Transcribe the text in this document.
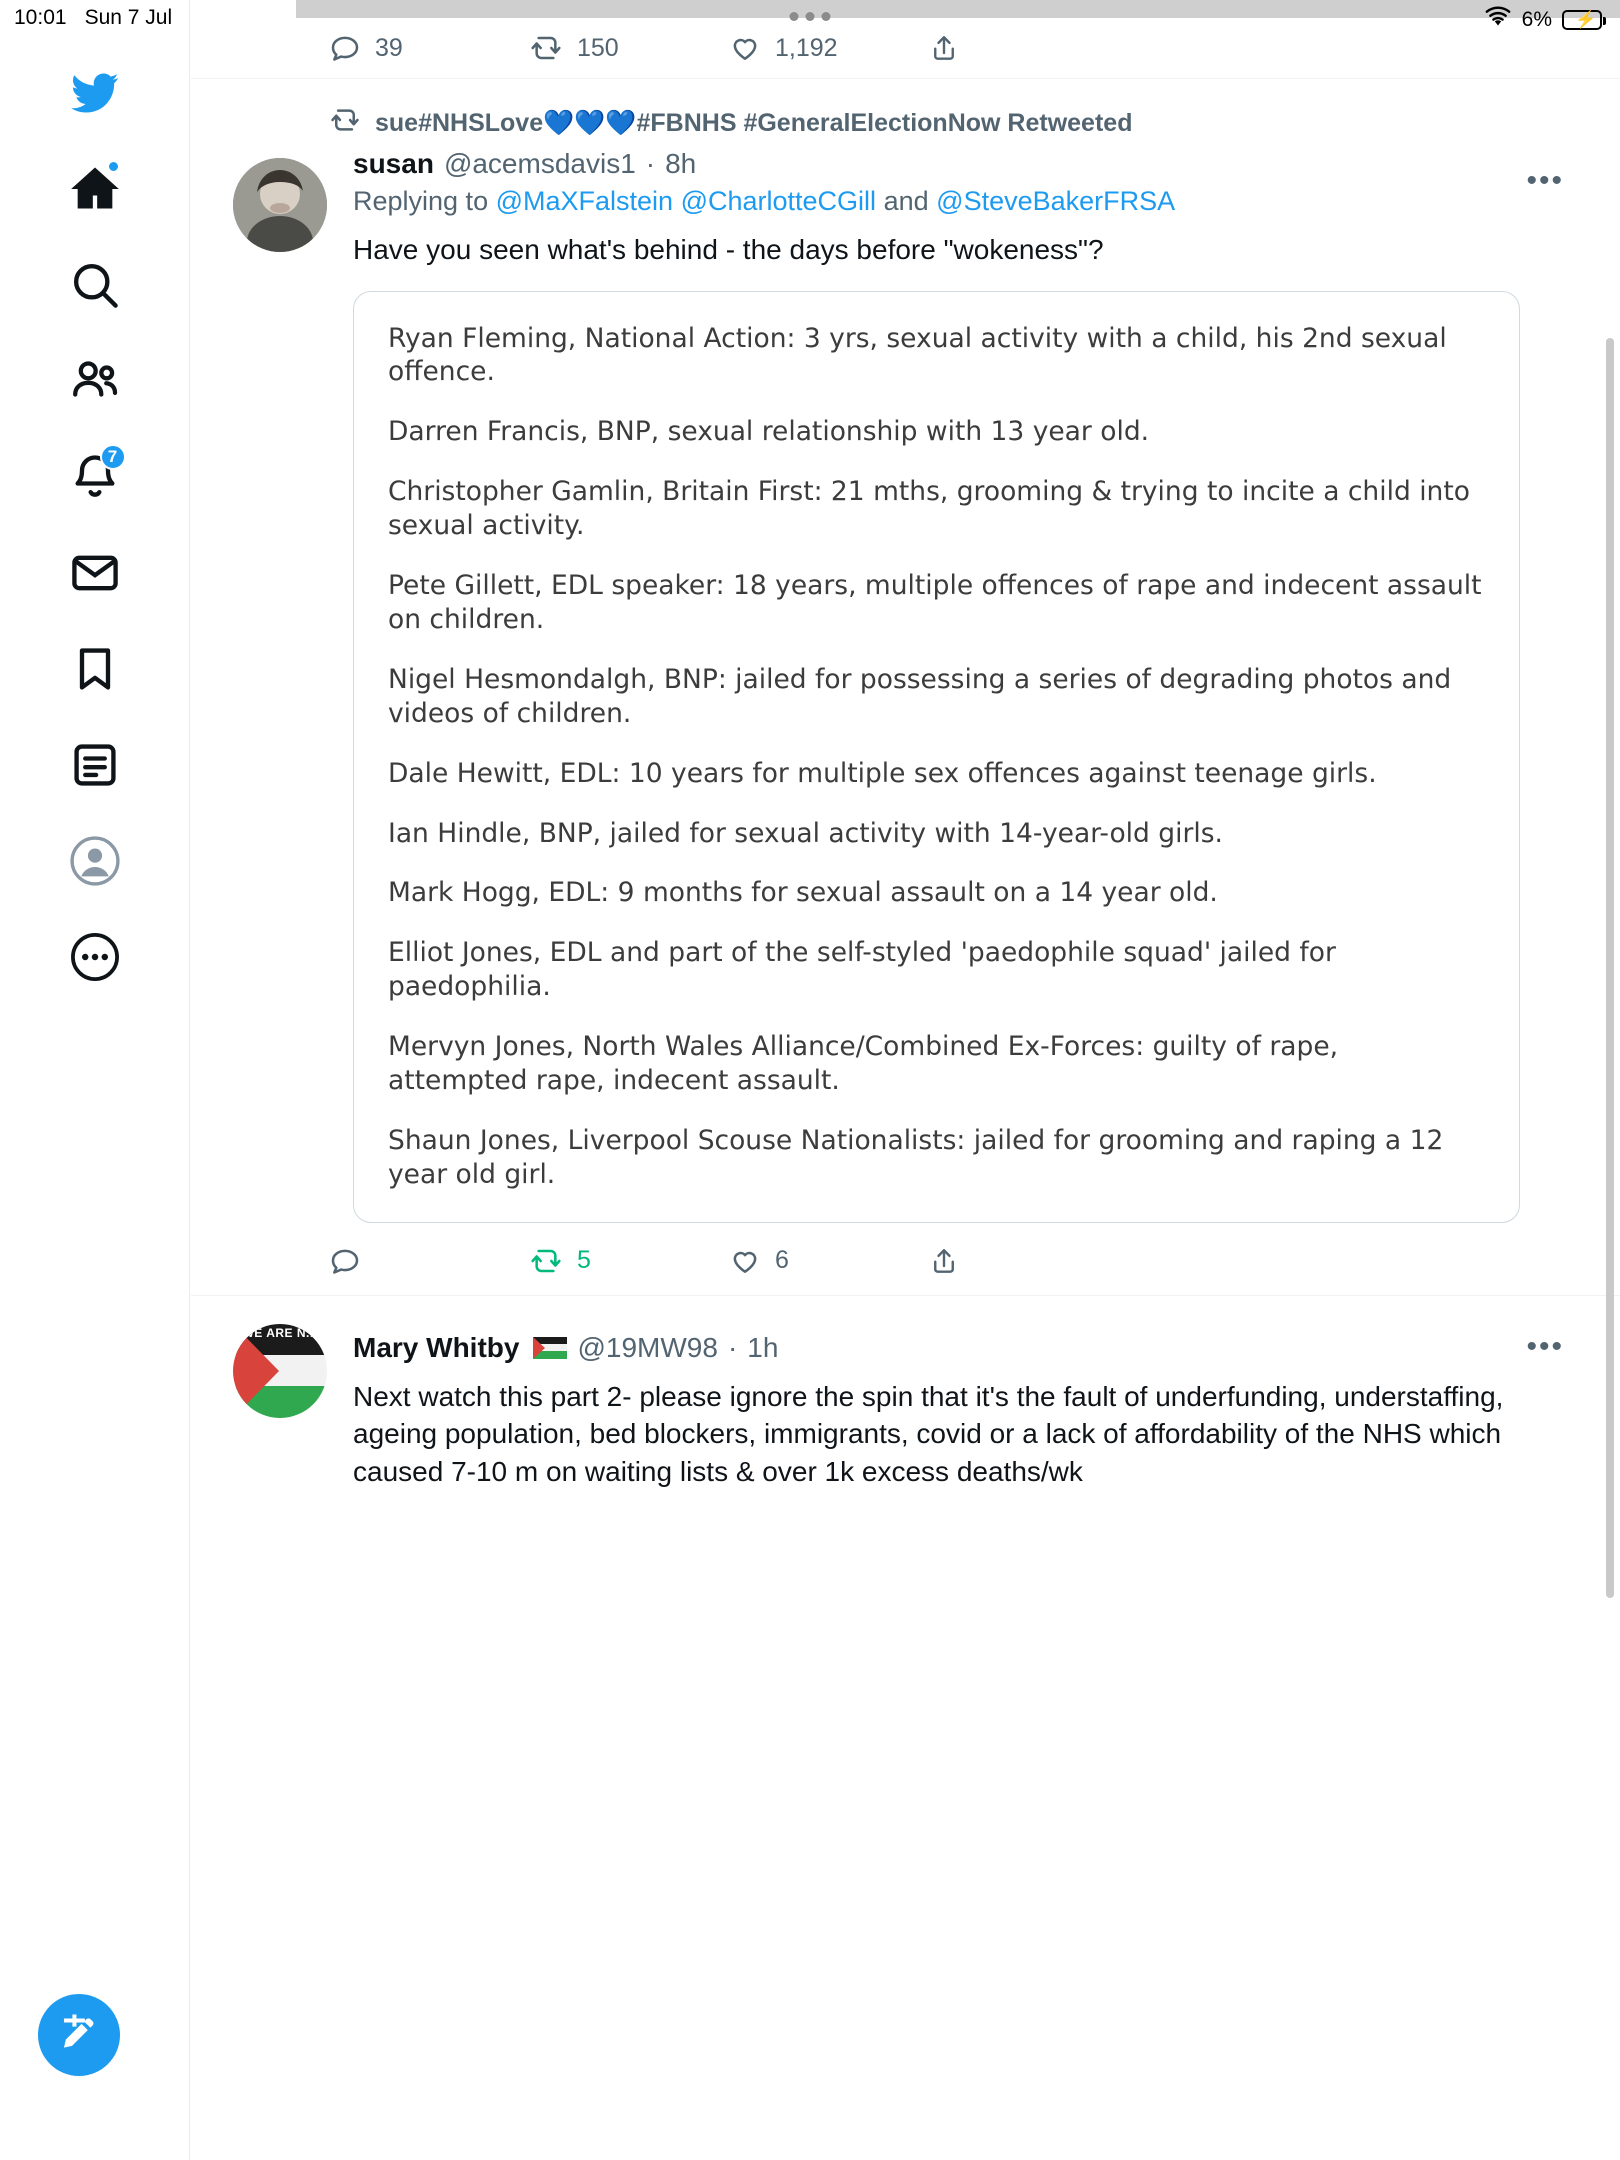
10:01 Sun 7 Jul	6% ⚡
7
39	150	1,192
sue#NHSLove💙💙💙#FBNHS #GeneralElectionNow Retweeted
•••
susan @acemsdavis1 · 8h
Replying to @MaXFalstein @CharlotteCGill and @SteveBakerFRSA
Have you seen what's behind - the days before "wokeness"?

Ryan Fleming, National Action: 3 yrs, sexual activity with a child, his 2nd sexual offence.

Darren Francis, BNP, sexual relationship with 13 year old.

Christopher Gamlin, Britain First: 21 mths, grooming & trying to incite a child into sexual activity.

Pete Gillett, EDL speaker: 18 years, multiple offences of rape and indecent assault on children.

Nigel Hesmondalgh, BNP: jailed for possessing a series of degrading photos and videos of children.

Dale Hewitt, EDL: 10 years for multiple sex offences against teenage girls.

Ian Hindle, BNP, jailed for sexual activity with 14-year-old girls.

Mark Hogg, EDL: 9 months for sexual assault on a 14 year old.

Elliot Jones, EDL and part of the self-styled 'paedophile squad' jailed for paedophilia.

Mervyn Jones, North Wales Alliance/Combined Ex-Forces: guilty of rape, attempted rape, indecent assault.

Shaun Jones, Liverpool Scouse Nationalists: jailed for grooming and raping a 12 year old girl.

5	6
WE ARE N...	•••
Mary Whitby @19MW98 · 1h
Next watch this part 2- please ignore the spin that it's the fault of underfunding, understaffing, ageing population, bed blockers, immigrants, covid or a lack of affordability of the NHS which caused 7-10 m on waiting lists & over 1k excess deaths/wk
